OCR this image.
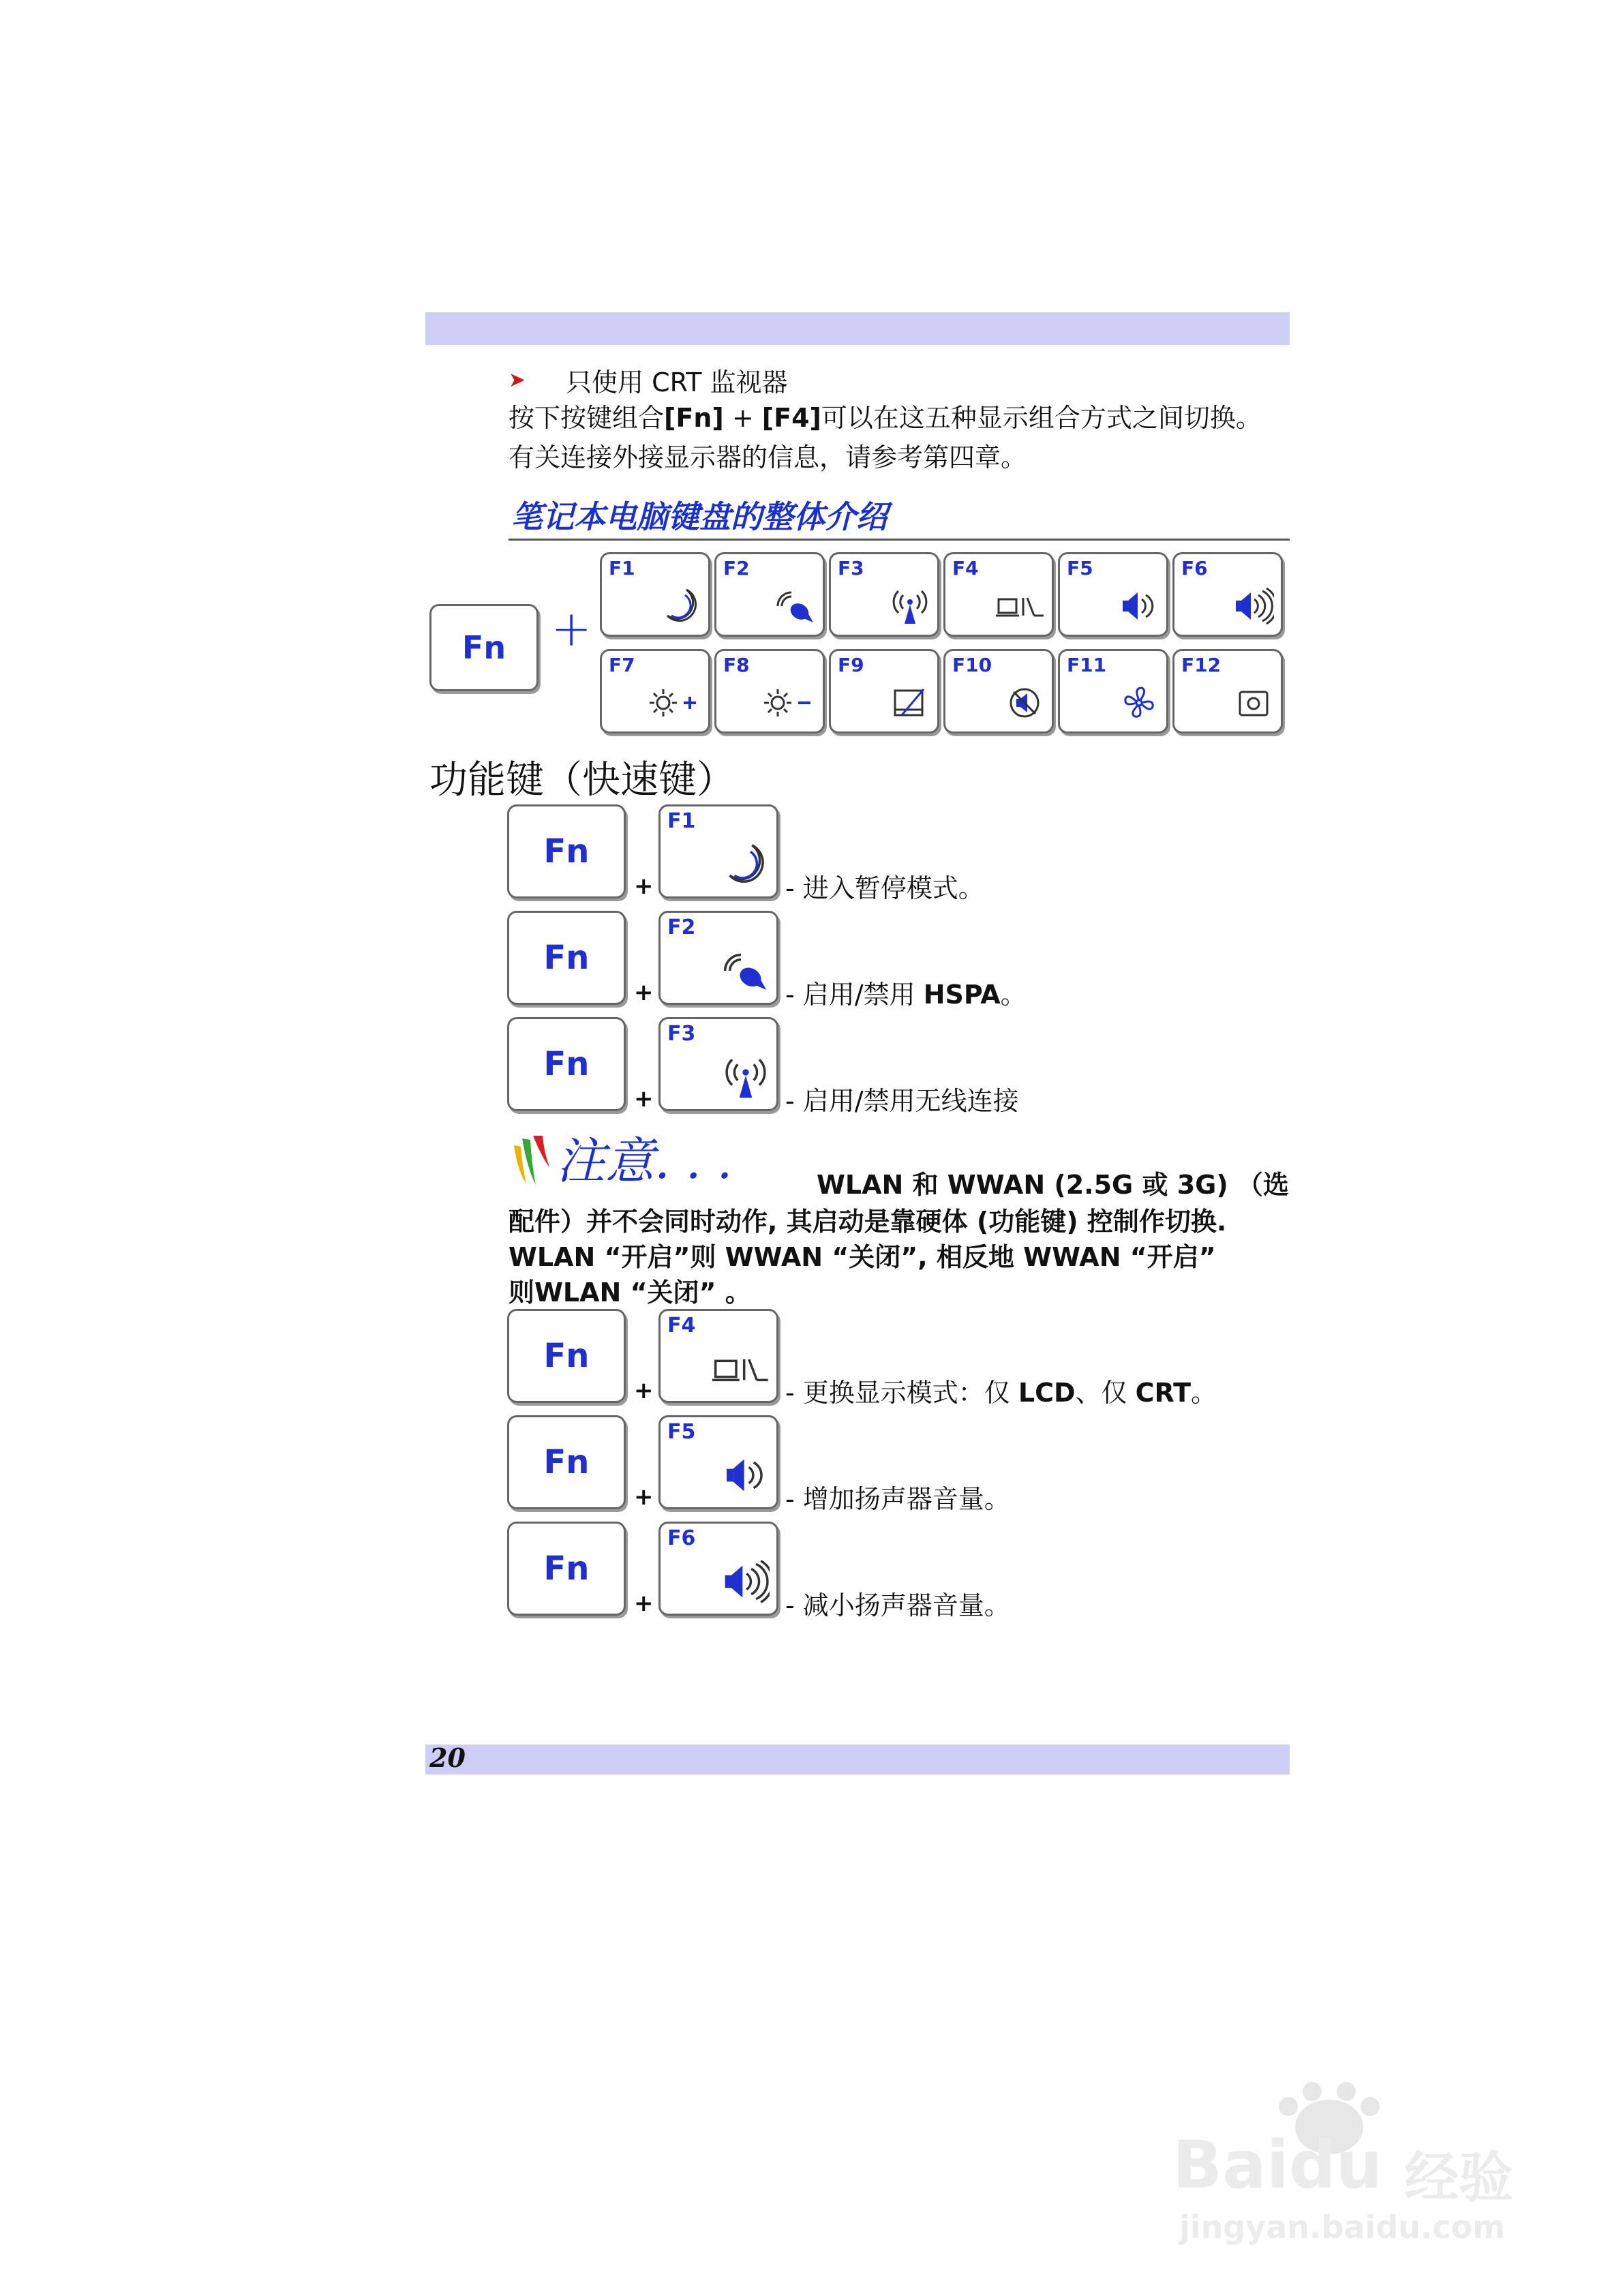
➤	只使用 CRT 监视器
按下按键组合[Fn] + [F4]可以在这五种显示组合方式之间切换。
有关连接外接显示器的信息，请参考第四章。
笔记本电脑键盘的整体介绍
Fn +
F1	F2	F3	F4	F5	F6
F7	F8	F9	F10	F11	F12
功能键（快速键）
Fn
+
F1
- 进入暂停模式。
Fn
+
F2
- 启用/禁用 HSPA。
Fn
+
F3
- 启用/禁用无线连接
Fn
+
F4
- 更换显示模式：仅 LCD、仅 CRT。
Fn
+
F5
- 增加扬声器音量。
Fn
+
F6
- 减小扬声器音量。
注意. . .	WLAN 和 WWAN (2.5G 或 3G) （选
配件）并不会同时动作, 其启动是靠硬体 (功能键) 控制作切换.
WLAN “开启”则 WWAN “关闭”, 相反地 WWAN “开启”
则WLAN “关闭” 。
20
Baidu 经验
jingyan.baidu.com
